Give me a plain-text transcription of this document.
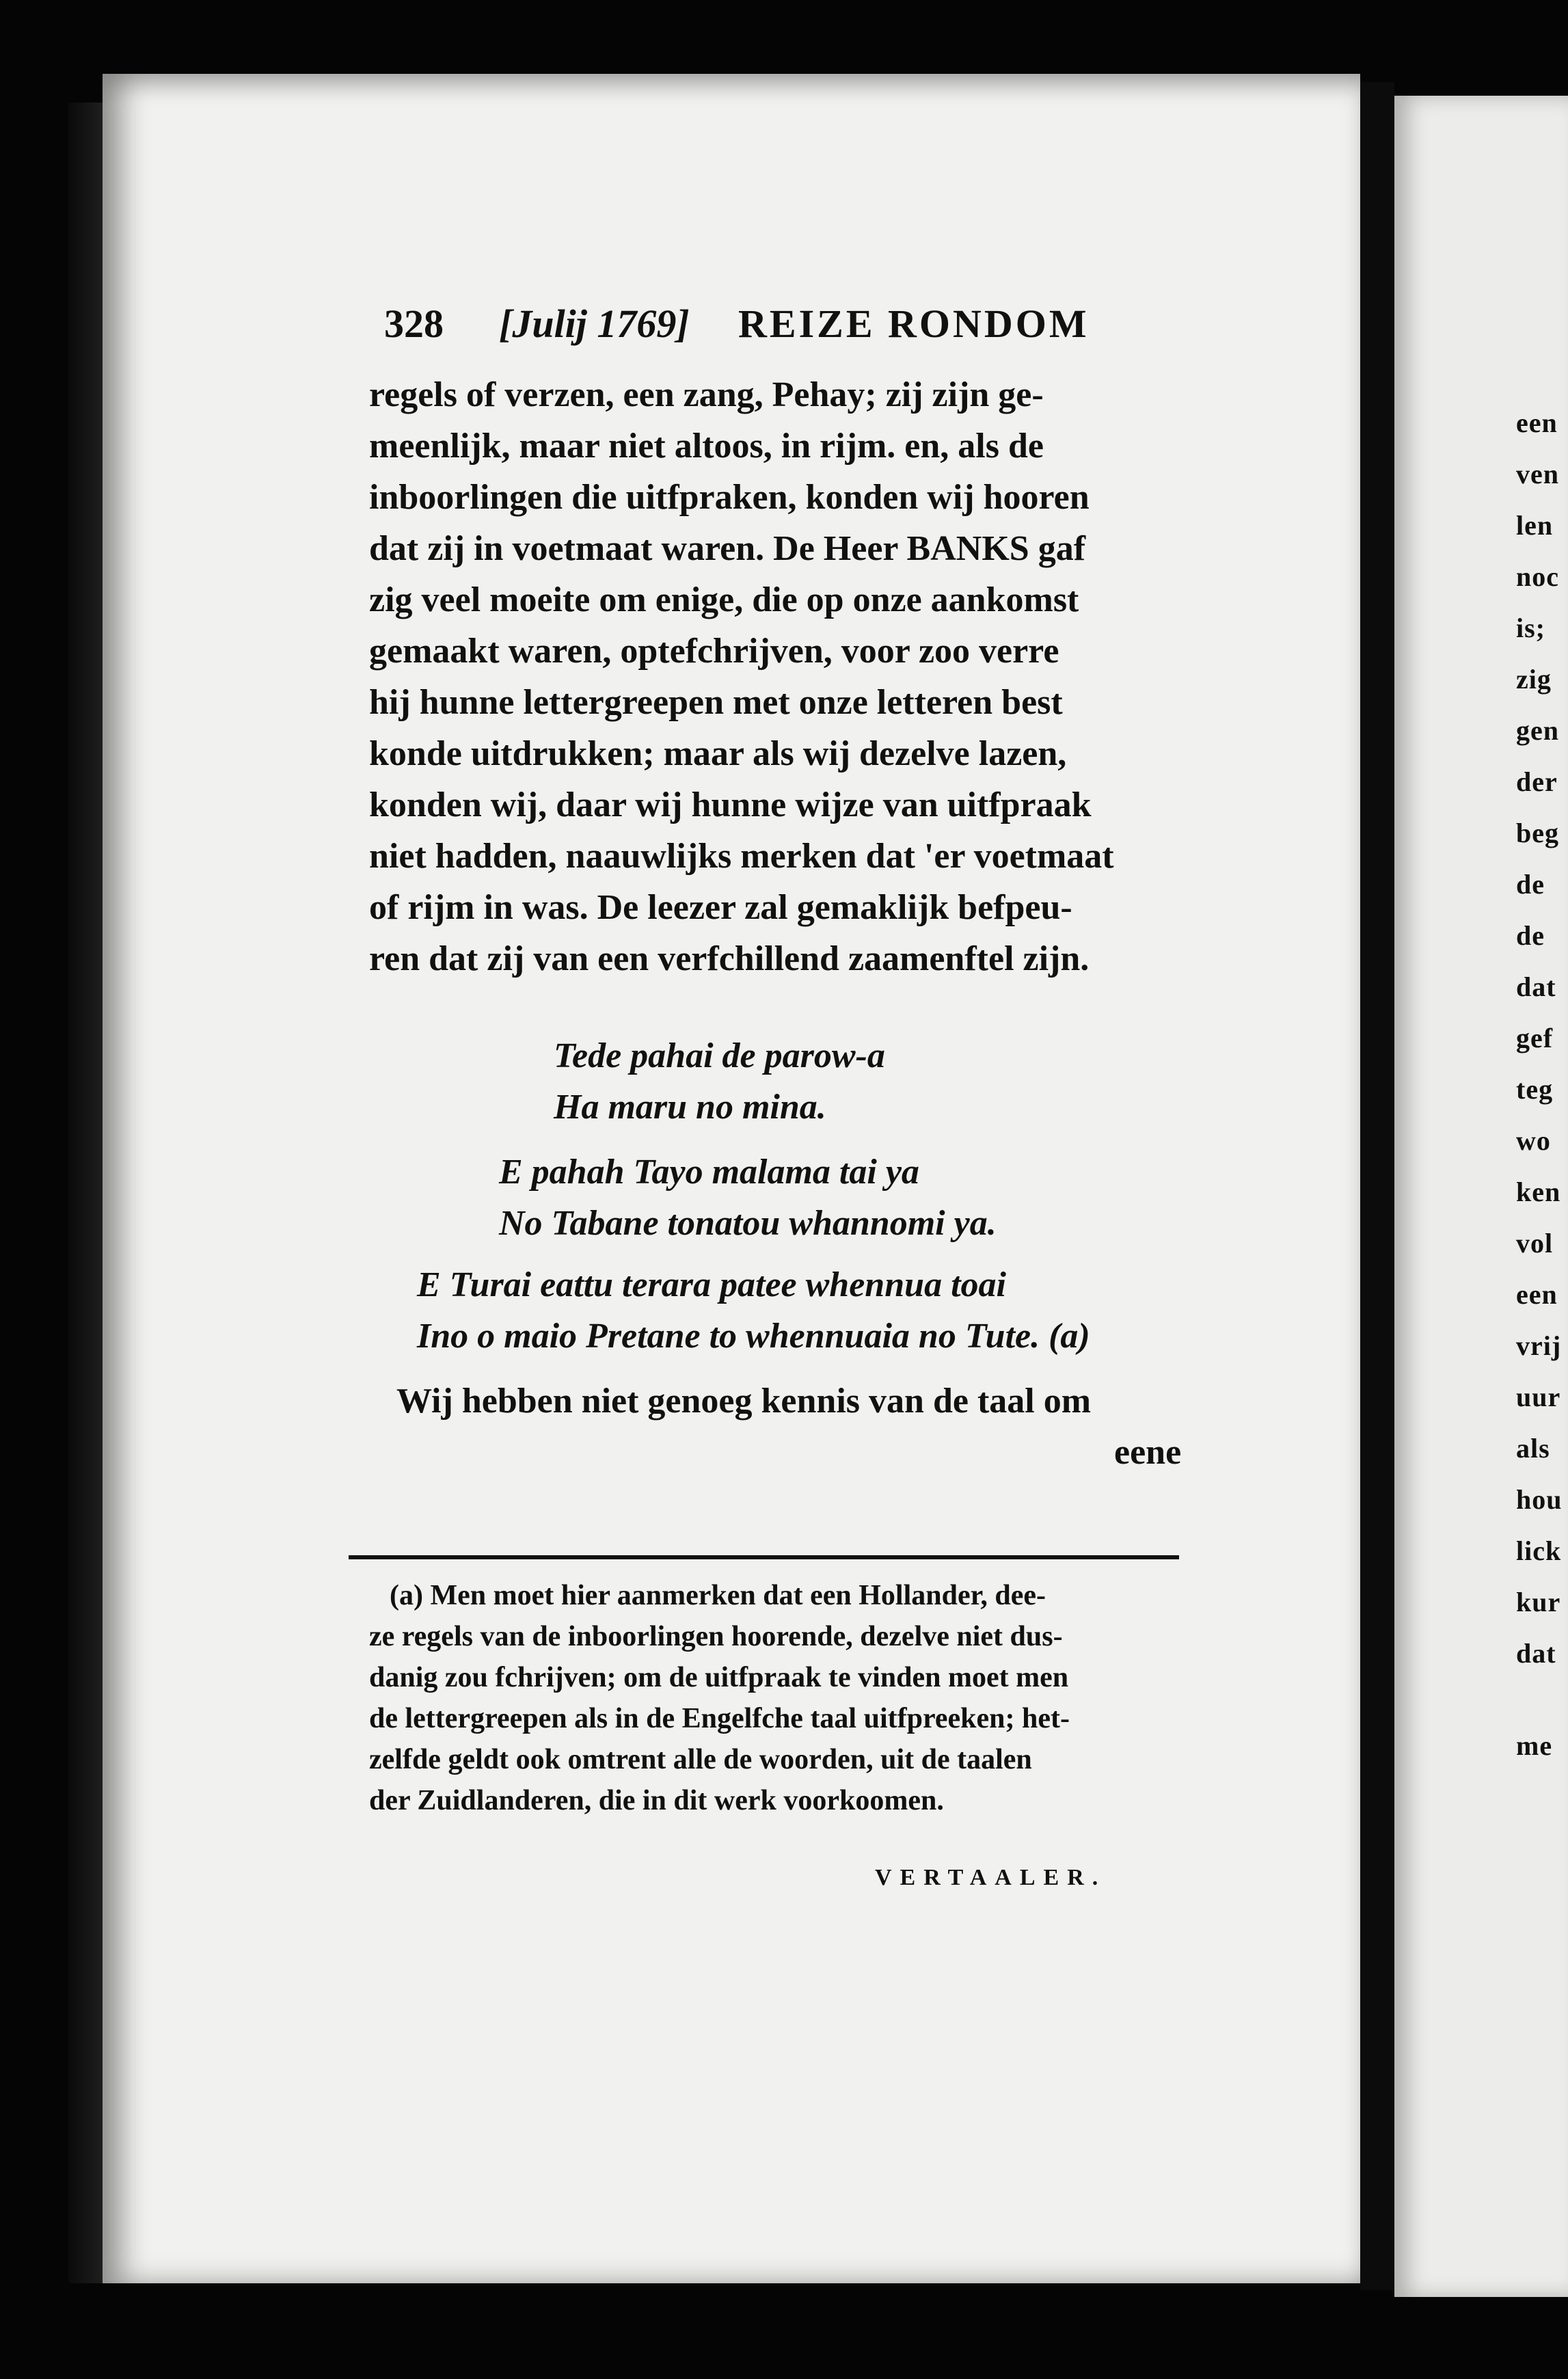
een

ven

len

noc

is;

zig

gen

der

beg

de

de

dat

gef

teg

wo

ken

vol

een

vrij

uur

als

hou

lick

kur

dat

me

328 [Julij 1769] REIZE RONDOM

regels of verzen, een zang, Pehay; zij zijn ge-

meenlijk, maar niet altoos, in rijm. en, als de

inboorlingen die uitfpraken, konden wij hooren

dat zij in voetmaat waren. De Heer BANKS gaf

zig veel moeite om enige, die op onze aankomst

gemaakt waren, optefchrijven, voor zoo verre

hij hunne lettergreepen met onze letteren best

konde uitdrukken; maar als wij dezelve lazen,

konden wij, daar wij hunne wijze van uitfpraak

niet hadden, naauwlijks merken dat 'er voetmaat

of rijm in was. De leezer zal gemaklijk befpeu-

ren dat zij van een verfchillend zaamenftel zijn.

Tede pahai de parow-a

Ha maru no mina.

E pahah Tayo malama tai ya

No Tabane tonatou whannomi ya.

E Turai eattu terara patee whennua toai

Ino o maio Pretane to whennuaia no Tute. (a)

Wij hebben niet genoeg kennis van de taal om

eene

(a) Men moet hier aanmerken dat een Hollander, dee-

ze regels van de inboorlingen hoorende, dezelve niet dus-

danig zou fchrijven; om de uitfpraak te vinden moet men

de lettergreepen als in de Engelfche taal uitfpreeken; het-

zelfde geldt ook omtrent alle de woorden, uit de taalen

der Zuidlanderen, die in dit werk voorkoomen.

VERTAALER.
